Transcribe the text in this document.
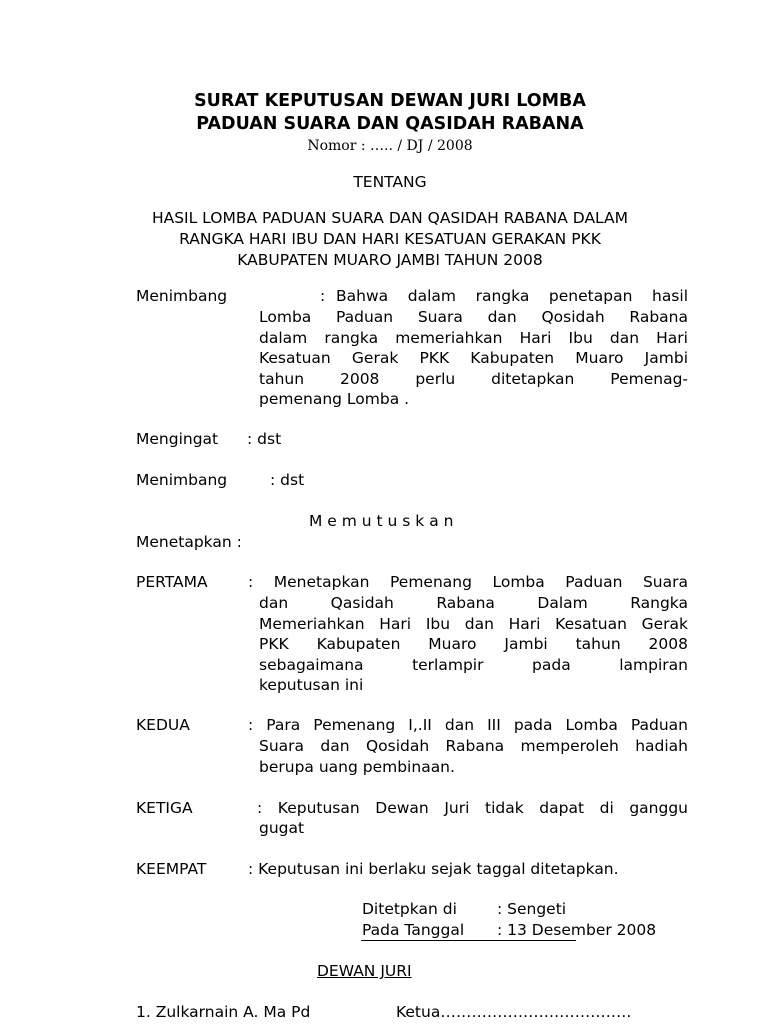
SURAT KEPUTUSAN DEWAN JURI LOMBA
PADUAN SUARA DAN QASIDAH RABANA
Nomor : ….. / DJ / 2008
TENTANG
HASIL LOMBA PADUAN SUARA DAN QASIDAH RABANA DALAM
RANGKA HARI IBU DAN HARI KESATUAN GERAKAN PKK
KABUPATEN MUARO JAMBI TAHUN 2008
Menimbang	: Bahwa dalam rangka penetapan hasil
Lomba Paduan Suara dan Qosidah Rabana
dalam rangka memeriahkan Hari Ibu dan Hari
Kesatuan Gerak PKK Kabupaten Muaro Jambi
tahun 2008 perlu ditetapkan Pemenag-
pemenang Lomba .
Mengingat : dst
Menimbang	: dst
M e m u t u s k a n
Menetapkan :
PERTAMA	: Menetapkan Pemenang Lomba Paduan Suara
dan Qasidah Rabana Dalam Rangka
Memeriahkan Hari Ibu dan Hari Kesatuan Gerak
PKK Kabupaten Muaro Jambi tahun 2008
sebagaimana terlampir pada lampiran
keputusan ini
KEDUA	: Para Pemenang I,.II dan III pada Lomba Paduan
Suara dan Qosidah Rabana memperoleh hadiah
berupa uang pembinaan.
KETIGA	: Keputusan Dewan Juri tidak dapat di ganggu
gugat
KEEMPAT	: Keputusan ini berlaku sejak taggal ditetapkan.
Ditetpkan di	: Sengeti
Pada Tanggal : 13 Desember 2008
DEWAN JURI
1. Zulkarnain A. Ma Pd	Ketua……………………………….
